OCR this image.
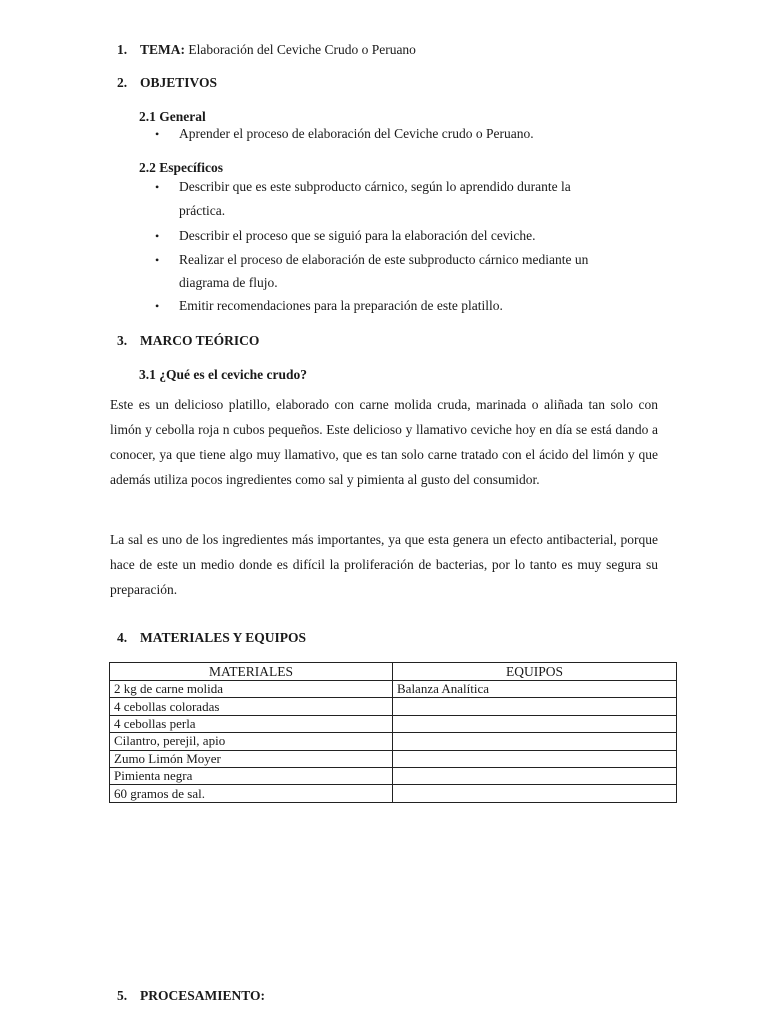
1. TEMA: Elaboración del Ceviche Crudo o Peruano
2. OBJETIVOS
2.1 General
• Aprender el proceso de elaboración del Ceviche crudo o Peruano.
2.2 Específicos
• Describir que es este subproducto cárnico, según lo aprendido durante la
práctica.
• Describir el proceso que se siguió para la elaboración del ceviche.
• Realizar el proceso de elaboración de este subproducto cárnico mediante un
diagrama de flujo.
• Emitir recomendaciones para la preparación de este platillo.
3. MARCO TEÓRICO
3.1 ¿Qué es el ceviche crudo?
Este es un delicioso platillo, elaborado con carne molida cruda, marinada o aliñada tan solo con limón y cebolla roja n cubos pequeños. Este delicioso y llamativo ceviche hoy en día se está dando a conocer, ya que tiene algo muy llamativo, que es tan solo carne tratado con el ácido del limón y que además utiliza pocos ingredientes como sal y pimienta al gusto del consumidor.
La sal es uno de los ingredientes más importantes, ya que esta genera un efecto antibacterial, porque hace de este un medio donde es difícil la proliferación de bacterias, por lo tanto es muy segura su preparación.
4. MATERIALES Y EQUIPOS
MATERIALES	EQUIPOS
2 kg de carne molida	Balanza Analítica
4 cebollas coloradas	
4 cebollas perla	
Cilantro, perejil, apio	
Zumo Limón Moyer	
Pimienta negra	
60 gramos de sal.	
5. PROCESAMIENTO:
